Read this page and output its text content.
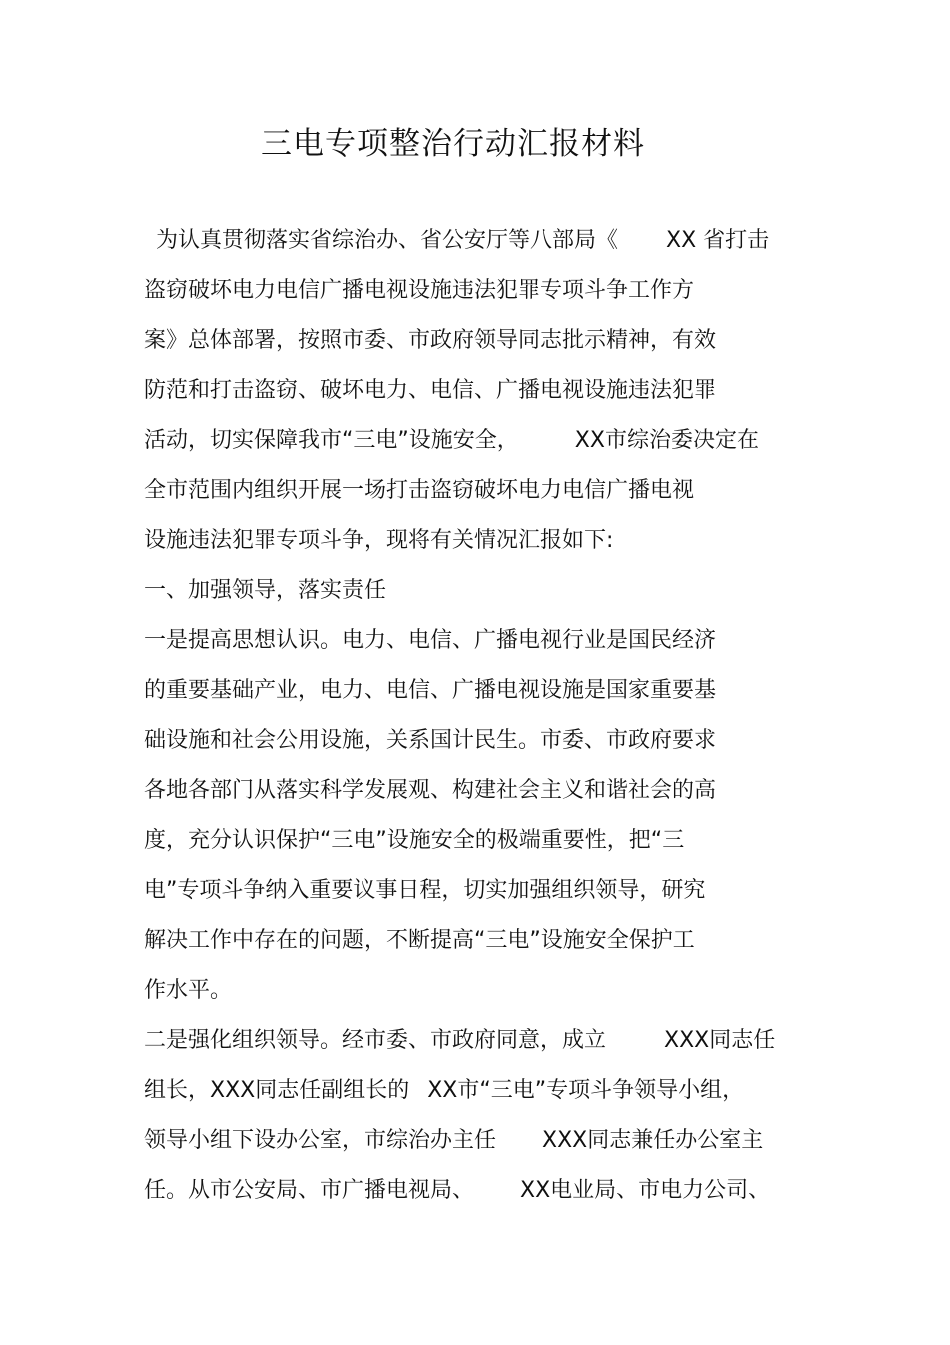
三电专项整治行动汇报材料
为认真贯彻落实省综治办、省公安厅等八部局《 XX 省打击
盗窃破坏电力电信广播电视设施违法犯罪专项斗争工作方
案》总体部署，按照市委、市政府领导同志批示精神，有效
防范和打击盗窃、破坏电力、电信、广播电视设施违法犯罪
活动，切实保障我市“三电”设施安全，	XX市综治委决定在
全市范围内组织开展一场打击盗窃破坏电力电信广播电视
设施违法犯罪专项斗争，现将有关情况汇报如下:
一、加强领导，落实责任
一是提高思想认识。电力、电信、广播电视行业是国民经济
的重要基础产业，电力、电信、广播电视设施是国家重要基
础设施和社会公用设施，关系国计民生。市委、市政府要求
各地各部门从落实科学发展观、构建社会主义和谐社会的高
度，充分认识保护“三电”设施安全的极端重要性，把“三
电”专项斗争纳入重要议事日程，切实加强组织领导，研究
解决工作中存在的问题，不断提高“三电”设施安全保护工
作水平。
二是强化组织领导。经市委、市政府同意，成立	XXX同志任
组长，XXX同志任副组长的 XX市“三电”专项斗争领导小组，
领导小组下设办公室，市综治办主任 XXX同志兼任办公室主
任。从市公安局、市广播电视局、 XX电业局、市电力公司、
